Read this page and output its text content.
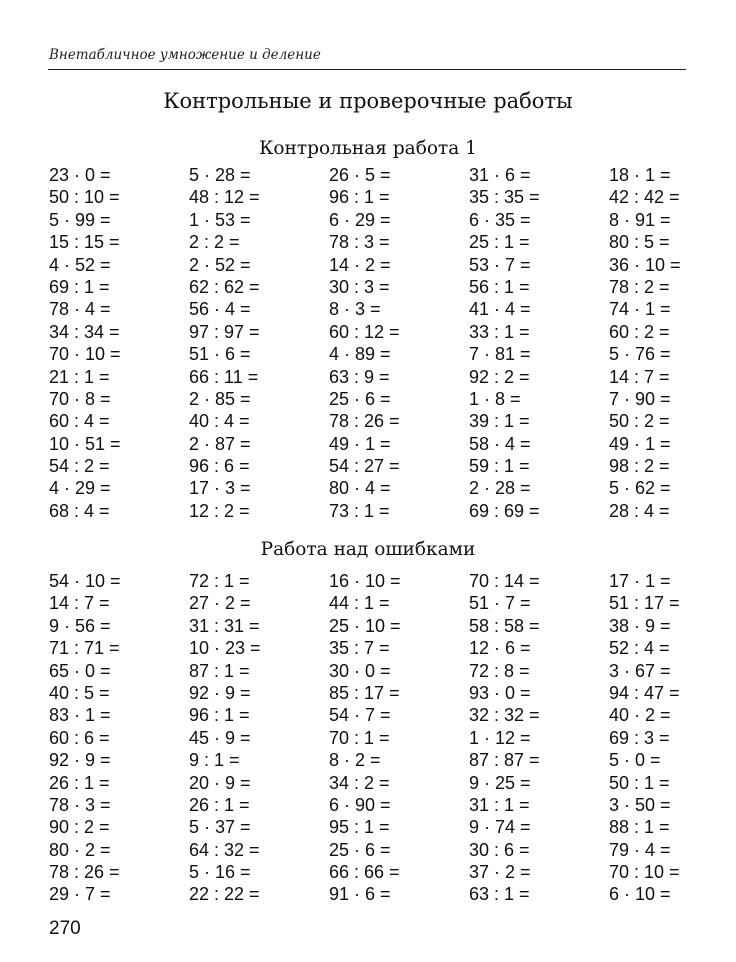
Внетабличное умножение и деление
Контрольные и проверочные работы
Контрольная работа 1
23 · 0 =	5 · 28 =	26 · 5 =	31 · 6 =	18 · 1 =
50 : 10 =	48 : 12 =	96 : 1 =	35 : 35 =	42 : 42 =
5 · 99 =	1 · 53 =	6 · 29 =	6 · 35 =	8 · 91 =
15 : 15 =	2 : 2 =	78 : 3 =	25 : 1 =	80 : 5 =
4 · 52 =	2 · 52 =	14 · 2 =	53 · 7 =	36 · 10 =
69 : 1 =	62 : 62 =	30 : 3 =	56 : 1 =	78 : 2 =
78 · 4 =	56 · 4 =	8 · 3 =	41 · 4 =	74 · 1 =
34 : 34 =	97 : 97 =	60 : 12 =	33 : 1 =	60 : 2 =
70 · 10 =	51 · 6 =	4 · 89 =	7 · 81 =	5 · 76 =
21 : 1 =	66 : 11 =	63 : 9 =	92 : 2 =	14 : 7 =
70 · 8 =	2 · 85 =	25 · 6 =	1 · 8 =	7 · 90 =
60 : 4 =	40 : 4 =	78 : 26 =	39 : 1 =	50 : 2 =
10 · 51 =	2 · 87 =	49 · 1 =	58 · 4 =	49 · 1 =
54 : 2 =	96 : 6 =	54 : 27 =	59 : 1 =	98 : 2 =
4 · 29 =	17 · 3 =	80 · 4 =	2 · 28 =	5 · 62 =
68 : 4 =	12 : 2 =	73 : 1 =	69 : 69 =	28 : 4 =
Работа над ошибками
54 · 10 =	72 : 1 =	16 · 10 =	70 : 14 =	17 · 1 =
14 : 7 =	27 · 2 =	44 : 1 =	51 · 7 =	51 : 17 =
9 · 56 =	31 : 31 =	25 · 10 =	58 : 58 =	38 · 9 =
71 : 71 =	10 · 23 =	35 : 7 =	12 · 6 =	52 : 4 =
65 · 0 =	87 : 1 =	30 · 0 =	72 : 8 =	3 · 67 =
40 : 5 =	92 · 9 =	85 : 17 =	93 · 0 =	94 : 47 =
83 · 1 =	96 : 1 =	54 · 7 =	32 : 32 =	40 · 2 =
60 : 6 =	45 · 9 =	70 : 1 =	1 · 12 =	69 : 3 =
92 · 9 =	9 : 1 =	8 · 2 =	87 : 87 =	5 · 0 =
26 : 1 =	20 · 9 =	34 : 2 =	9 · 25 =	50 : 1 =
78 · 3 =	26 : 1 =	6 · 90 =	31 : 1 =	3 · 50 =
90 : 2 =	5 · 37 =	95 : 1 =	9 · 74 =	88 : 1 =
80 · 2 =	64 : 32 =	25 · 6 =	30 : 6 =	79 · 4 =
78 : 26 =	5 · 16 =	66 : 66 =	37 · 2 =	70 : 10 =
29 · 7 =	22 : 22 =	91 · 6 =	63 : 1 =	6 · 10 =
270
